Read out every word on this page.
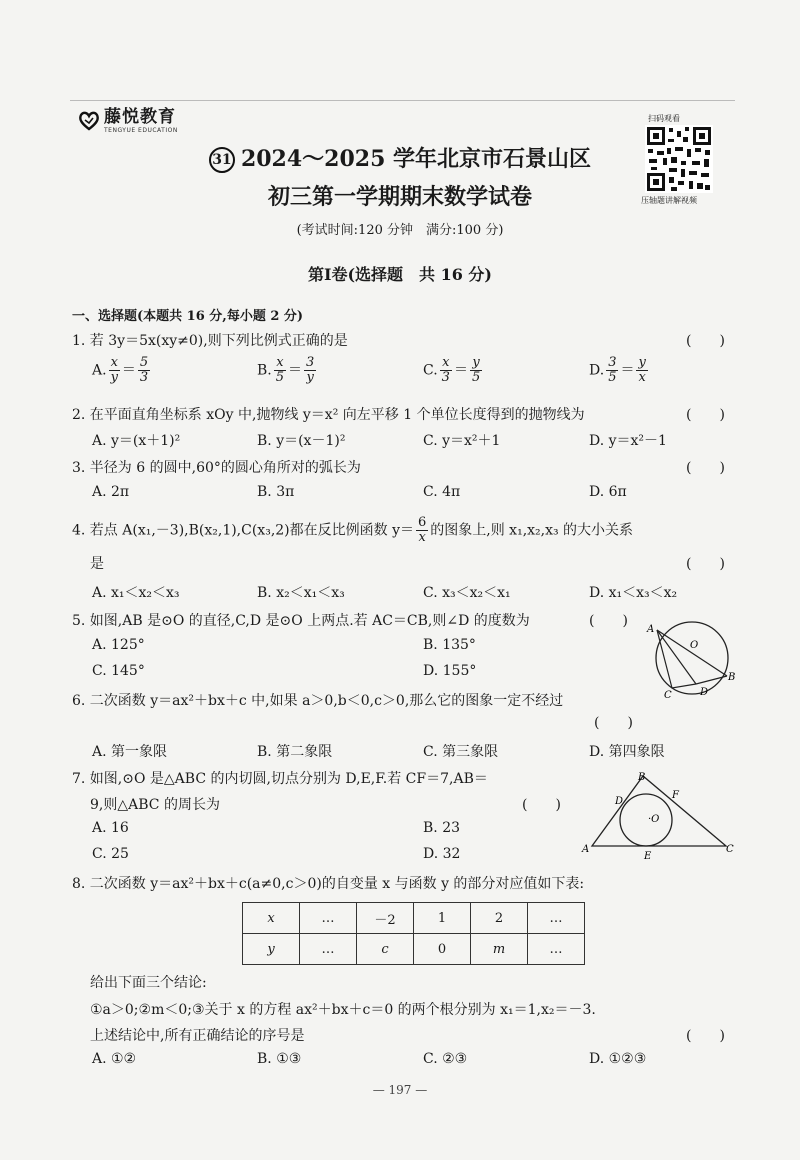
藤悦教育
TENGYUE EDUCATION
扫码观看
压轴题讲解视频
31 2024～2025 学年北京市石景山区
初三第一学期期末数学试卷
(考试时间:120 分钟　满分:100 分)
第Ⅰ卷(选择题　共 16 分)
一、选择题(本题共 16 分,每小题 2 分)
1. 若 3y＝5x(xy≠0),则下列比例式正确的是	(　　)
A. $\frac{x}{y} = \frac{5}{3}$	B. $\frac{x}{5} = \frac{3}{y}$	C. $\frac{x}{3} = \frac{y}{5}$	D. $\frac{3}{5} = \frac{y}{x}$
2. 在平面直角坐标系 xOy 中,抛物线 y＝x² 向左平移 1 个单位长度得到的抛物线为	(　　)
A. y＝(x＋1)²	B. y＝(x－1)²	C. y＝x²＋1	D. y＝x²－1
3. 半径为 6 的圆中,60°的圆心角所对的弧长为	(　　)
A. 2π	B. 3π	C. 4π	D. 6π
4. 若点 A(x₁,－3),B(x₂,1),C(x₃,2)都在反比例函数 $y= \frac{6}{x}$ 的图象上,则 x₁,x₂,x₃ 的大小关系
是	(　　)
A. x₁＜x₂＜x₃	B. x₂＜x₁＜x₃	C. x₃＜x₂＜x₁	D. x₁＜x₃＜x₂
5. 如图,AB 是⊙O 的直径,C,D 是⊙O 上两点.若 AC＝CB,则∠D 的度数为	(　　)
A. 125°	B. 135°
C. 145°	D. 155°
A
O
B
C	D
6. 二次函数 y＝ax²＋bx＋c 中,如果 a＞0,b＜0,c＞0,那么它的图象一定不经过
(　　)
A. 第一象限	B. 第二象限	C. 第三象限	D. 第四象限
7. 如图,⊙O 是△ABC 的内切圆,切点分别为 D,E,F.若 CF＝7,AB＝
9,则△ABC 的周长为	(　　)
A. 16	B. 23
C. 25	D. 32
B
D
F
·O
A
E
C
8. 二次函数 y＝ax²＋bx＋c(a≠0,c＞0)的自变量 x 与函数 y 的部分对应值如下表:
x	…	－2	1	2	…
y	…	c	0	m	…
给出下面三个结论:
①a＞0;②m＜0;③关于 x 的方程 ax²＋bx＋c＝0 的两个根分别为 x₁＝1,x₂＝－3.
上述结论中,所有正确结论的序号是	(　　)
A. ①②	B. ①③	C. ②③	D. ①②③
— 197 —
